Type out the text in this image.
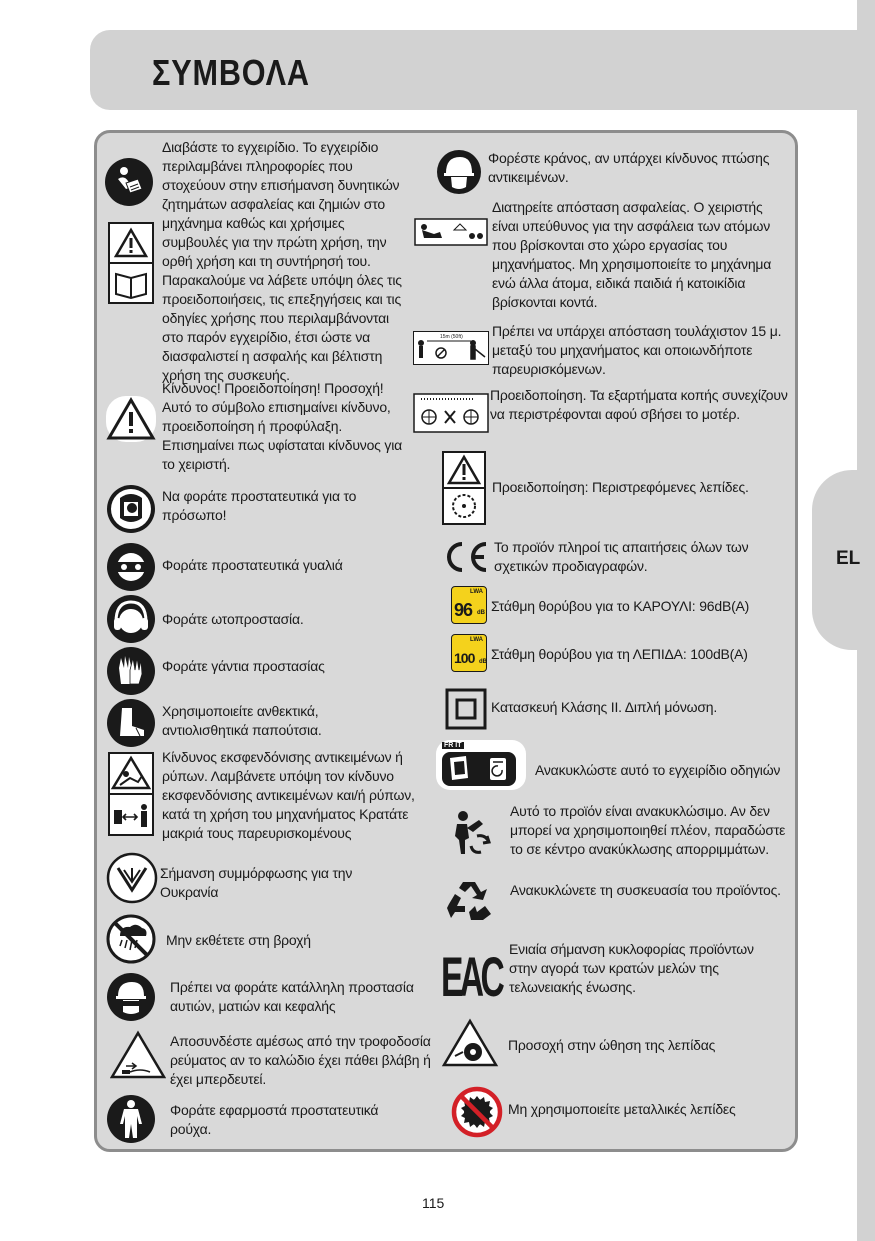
EL
ΣΥΜΒΟΛΑ
Διαβάστε το εγχειρίδιο. Το εγχειρίδιο περιλαμβάνει πληροφορίες που στοχεύουν στην επισήμανση δυνητικών ζητημάτων ασφαλείας και ζημιών στο μηχάνημα καθώς και χρήσιμες συμβουλές για την πρώτη χρήση, την ορθή χρήση και τη συντήρησή του. Παρακαλούμε να λάβετε υπόψη όλες τις προειδοποιήσεις, τις επεξηγήσεις και τις οδηγίες χρήσης που περιλαμβάνονται στο παρόν εγχειρίδιο, έτσι ώστε να διασφαλιστεί η ασφαλής και βέλτιστη χρήση της συσκευής.
Κίνδυνος! Προειδοποίηση! Προσοχή! Αυτό το σύμβολο επισημαίνει κίνδυνο, προειδοποίηση ή προφύλαξη. Επισημαίνει πως υφίσταται κίνδυνος για το χειριστή.
Να φοράτε προστατευτικά για το πρόσωπο!
Φοράτε προστατευτικά γυαλιά
Φοράτε ωτοπροστασία.
Φοράτε γάντια προστασίας
Χρησιμοποιείτε ανθεκτικά, αντιολισθητικά παπούτσια.
Κίνδυνος εκσφενδόνισης αντικειμένων ή ρύπων. Λαμβάνετε υπόψη τον κίνδυνο εκσφενδόνισης αντικειμένων και/ή ρύπων, κατά τη χρήση του μηχανήματος Κρατάτε μακριά τους παρευρισκομένους
Σήμανση συμμόρφωσης για την Ουκρανία
Μην εκθέτετε στη βροχή
Πρέπει να φοράτε κατάλληλη προστασία αυτιών, ματιών και κεφαλής
Αποσυνδέστε αμέσως από την τροφοδοσία ρεύματος αν το καλώδιο έχει πάθει βλάβη ή έχει μπερδευτεί.
Φοράτε εφαρμοστά προστατευτικά ρούχα.
Φορέστε κράνος, αν υπάρχει κίνδυνος πτώσης αντικειμένων.
Διατηρείτε απόσταση ασφαλείας. Ο χειριστής είναι υπεύθυνος για την ασφάλεια των ατόμων που βρίσκονται στο χώρο εργασίας του μηχανήματος. Μη χρησιμοποιείτε το μηχάνημα ενώ άλλα άτομα, ειδικά παιδιά ή κατοικίδια βρίσκονται κοντά.
15m (50ft) Πρέπει να υπάρχει απόσταση τουλάχιστον 15 μ. μεταξύ του μηχανήματος και οποιωνδήποτε παρευρισκόμενων.
Προειδοποίηση. Τα εξαρτήματα κοπής συνεχίζουν να περιστρέφονται αφού σβήσει το μοτέρ.
Προειδοποίηση: Περιστρεφόμενες λεπίδες.
Το προϊόν πληροί τις απαιτήσεις όλων των σχετικών προδιαγραφών.
LWA
96 dB Στάθμη θορύβου για το ΚΑΡΟΥΛΙ: 96dB(A)
LWA
100 dB Στάθμη θορύβου για τη ΛΕΠΙΔΑ: 100dB(A)
Κατασκευή Κλάσης ΙΙ. Διπλή μόνωση.
FR IT
Ανακυκλώστε αυτό το εγχειρίδιο οδηγιών
Αυτό το προϊόν είναι ανακυκλώσιμο. Αν δεν μπορεί να χρησιμοποιηθεί πλέον, παραδώστε το σε κέντρο ανακύκλωσης απορριμμάτων.
Ανακυκλώνετε τη συσκευασία του προϊόντος.
EAC Ενιαία σήμανση κυκλοφορίας προϊόντων στην αγορά των κρατών μελών της τελωνειακής ένωσης.
Προσοχή στην ώθηση της λεπίδας
Μη χρησιμοποιείτε μεταλλικές λεπίδες
115
